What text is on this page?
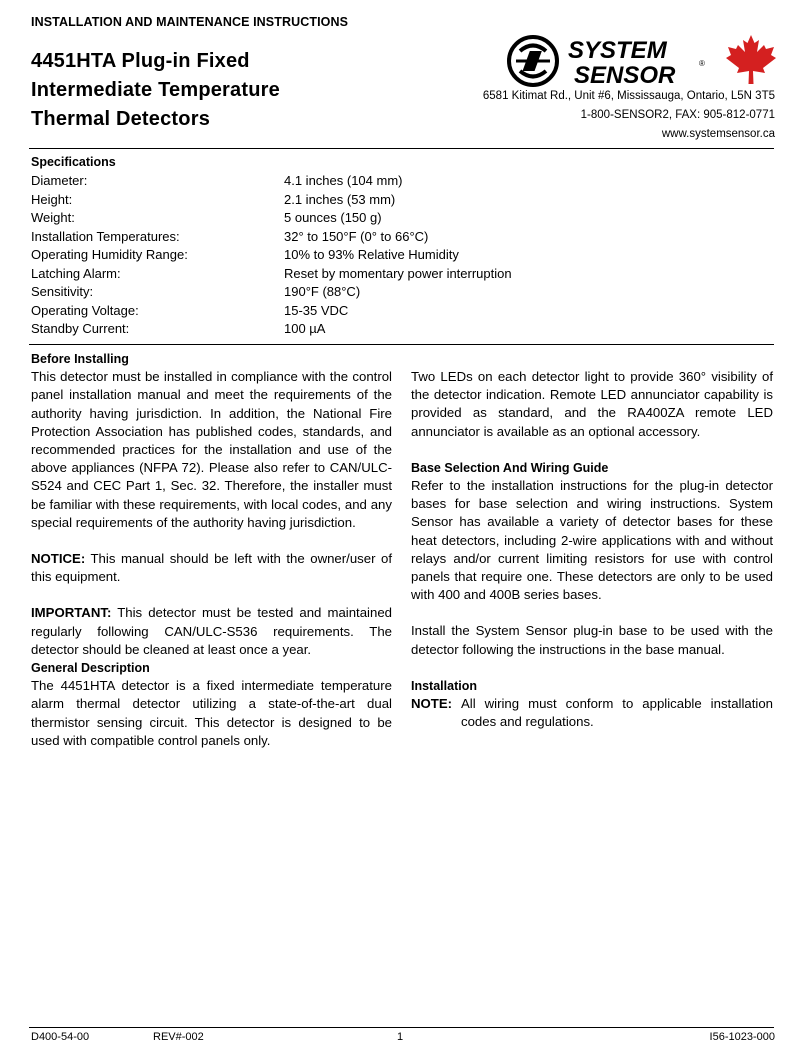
INSTALLATION AND MAINTENANCE INSTRUCTIONS
4451HTA Plug-in Fixed
Intermediate Temperature
Thermal Detectors
SYSTEM
SENSOR	®
6581 Kitimat Rd., Unit #6, Mississauga, Ontario, L5N 3T5
1-800-SENSOR2, FAX: 905-812-0771
www.systemsensor.ca
Specifications
Diameter:	4.1 inches (104 mm)
Height:	2.1 inches (53 mm)
Weight:	5 ounces (150 g)
Installation Temperatures:	32° to 150°F (0° to 66°C)
Operating Humidity Range:	10% to 93% Relative Humidity
Latching Alarm:	Reset by momentary power interruption
Sensitivity:	190°F (88°C)
Operating Voltage:	15-35 VDC
Standby Current:	100 µA

Before Installing

This detector must be installed in compliance with the control panel installation manual and meet the requirements of the authority having jurisdiction. In addition, the National Fire Protection Association has published codes, standards, and recommended practices for the installation and use of the above appliances (NFPA 72). Please also refer to CAN/ULC-S524 and CEC Part 1, Sec. 32. Therefore, the installer must be familiar with these requirements, with local codes, and any special requirements of the authority having jurisdiction.

NOTICE: This manual should be left with the owner/user of this equipment.

IMPORTANT: This detector must be tested and maintained regularly following CAN/ULC-S536 requirements. The detector should be cleaned at least once a year.

General Description

The 4451HTA detector is a fixed intermediate temperature alarm thermal detector utilizing a state-of-the-art dual thermistor sensing circuit. This detector is designed to be used with compatible control panels only.

Two LEDs on each detector light to provide 360° visibility of the detector indication. Remote LED annunciator capability is provided as standard, and the RA400ZA remote LED annunciator is available as an optional accessory.

Base Selection And Wiring Guide

Refer to the installation instructions for the plug-in detector bases for base selection and wiring instructions. System Sensor has available a variety of detector bases for these heat detectors, including 2-wire applications with and without relays and/or current limiting resistors for use with control panels that require one. These detectors are only to be used with 400 and 400B series bases.

Install the System Sensor plug-in base to be used with the detector following the instructions in the base manual.

Installation

NOTE: All wiring must conform to applicable installation codes and regulations.
D400-54-00	REV#-002	1	I56-1023-000
